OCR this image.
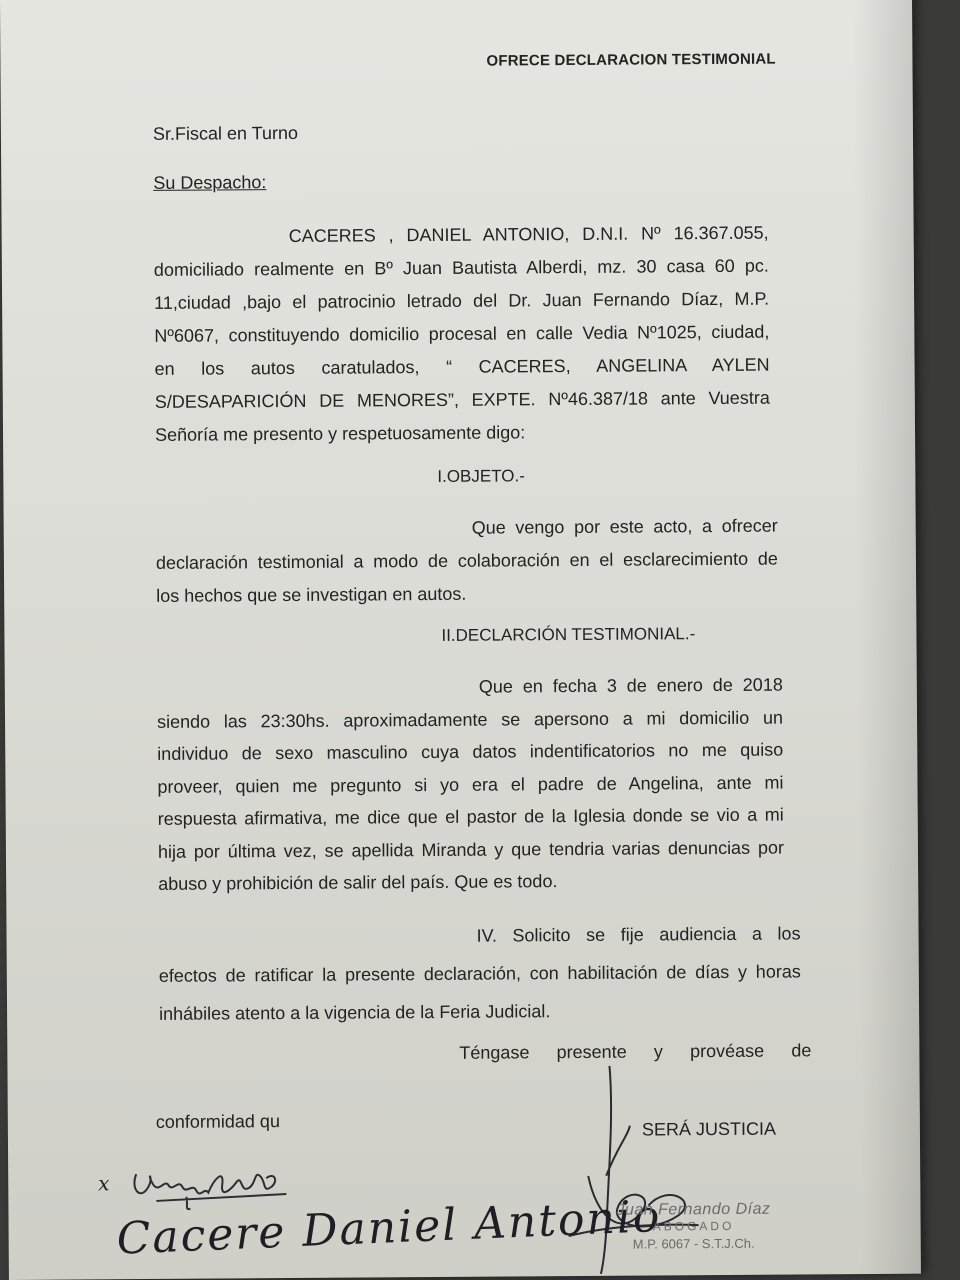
OFRECE DECLARACION TESTIMONIAL
Sr.Fiscal en Turno
Su Despacho:
CACERES , DANIEL ANTONIO, D.N.I. Nº 16.367.055,
domiciliado realmente en Bº Juan Bautista Alberdi, mz. 30 casa 60 pc.
11,ciudad ,bajo el patrocinio letrado del Dr. Juan Fernando Díaz, M.P.
Nº6067, constituyendo domicilio procesal en calle Vedia Nº1025, ciudad,
en los autos caratulados, “ CACERES, ANGELINA AYLEN
S/DESAPARICIÓN DE MENORES”, EXPTE. Nº46.387/18 ante Vuestra
Señoría me presento y respetuosamente digo:
I.OBJETO.-
Que vengo por este acto, a ofrecer
declaración testimonial a modo de colaboración en el esclarecimiento de
los hechos que se investigan en autos.
II.DECLARCIÓN TESTIMONIAL.-
Que en fecha 3 de enero de 2018
siendo las 23:30hs. aproximadamente se apersono a mi domicilio un
individuo de sexo masculino cuya datos indentificatorios no me quiso
proveer, quien me pregunto si yo era el padre de Angelina, ante mi
respuesta afirmativa, me dice que el pastor de la Iglesia donde se vio a mi
hija por última vez, se apellida Miranda y que tendria varias denuncias por
abuso y prohibición de salir del país. Que es todo.
IV. Solicito se fije audiencia a los
efectos de ratificar la presente declaración, con habilitación de días y horas
inhábiles atento a la vigencia de la Feria Judicial.
Téngase presente y provéase de
conformidad qu	SERÁ JUSTICIA
x
Cacere Daniel Antonio
Juan Fernando Díaz
ABOGADO
M.P. 6067 - S.T.J.Ch.
